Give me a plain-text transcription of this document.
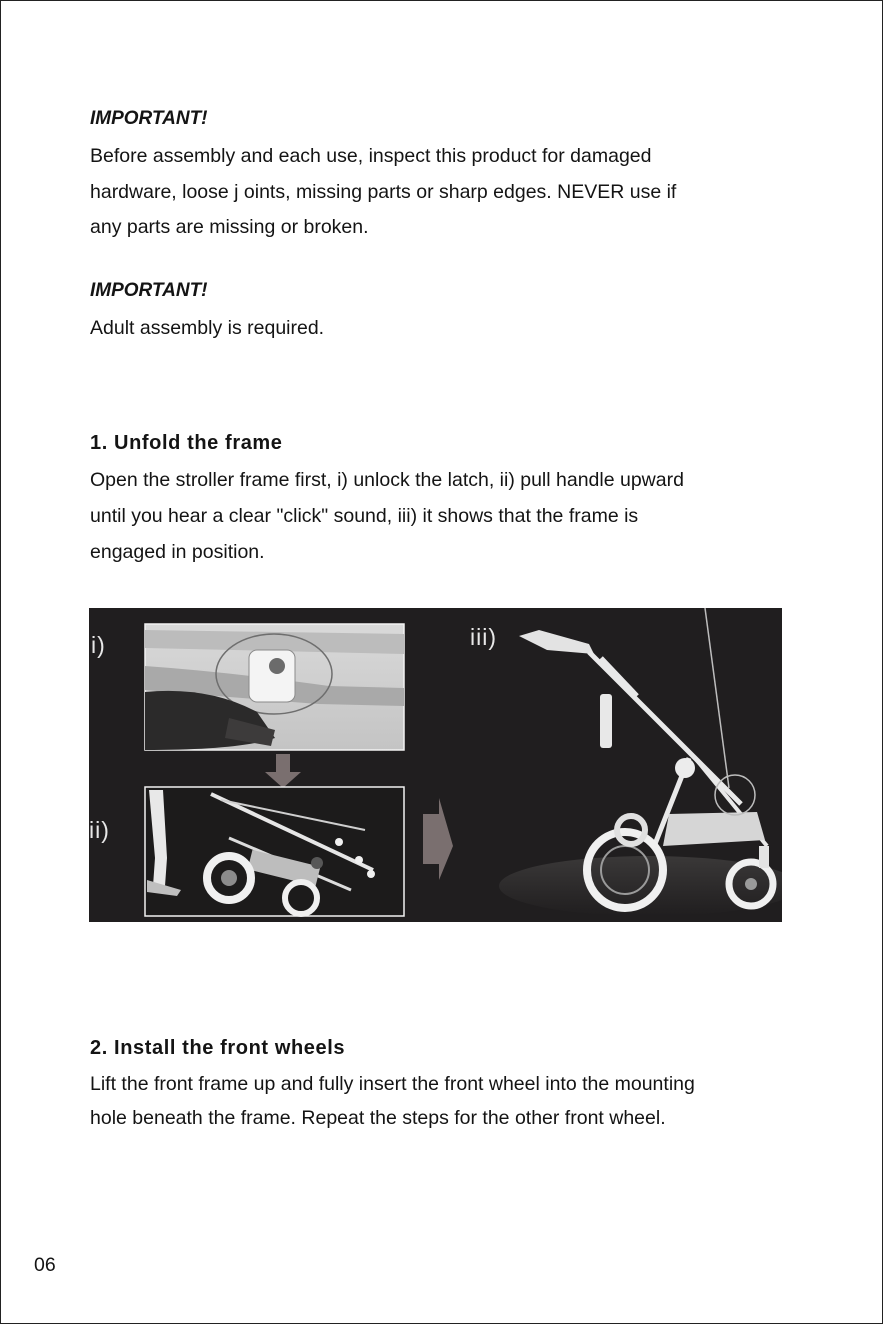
IMPORTANT!
Before assembly and each use, inspect this product for damaged
hardware, loose j oints, missing parts or sharp edges. NEVER use if
any parts are missing or broken.
IMPORTANT!
Adult assembly is required.
1. Unfold the frame
Open the stroller frame first, i) unlock the latch, ii) pull handle upward
until you hear a clear "click" sound, iii) it shows that the frame is
engaged in position.
i)
ii)
iii)
2. Install the front wheels
Lift the front frame up and fully insert the front wheel into the mounting
hole beneath the frame. Repeat the steps for the other front wheel.
06
